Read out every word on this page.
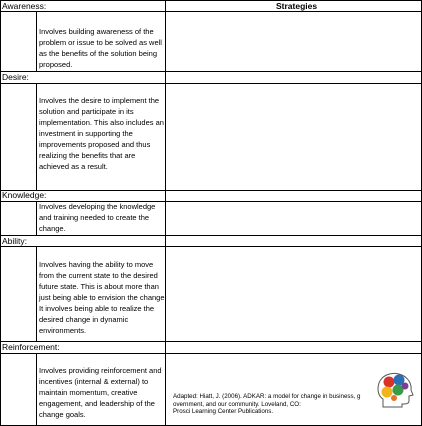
Strategies
Awareness:
Involves building awareness of the problem or issue to be solved as well as the benefits of the solution being proposed.
Desire:
Involves the desire to implement the solution and participate in its implementation. This also includes an investment in supporting the improvements proposed and thus realizing the benefits that are achieved as a result.
Knowledge:
Involves developing the knowledge and training needed to create the change.
Ability:
Involves having the ability to move from the current state to the desired future state. This is about more than just being able to envision the change. It involves being able to realize the desired change in dynamic environments.
Reinforcement:
Involves providing reinforcement and incentives (internal & external) to maintain momentum, creative engagement, and leadership of the change goals.
Adapted: Hiatt, J. (2006). ADKAR: a model for change in business, g
overnment, and our community. Loveland, CO:
Prosci Learning Center Publications.
